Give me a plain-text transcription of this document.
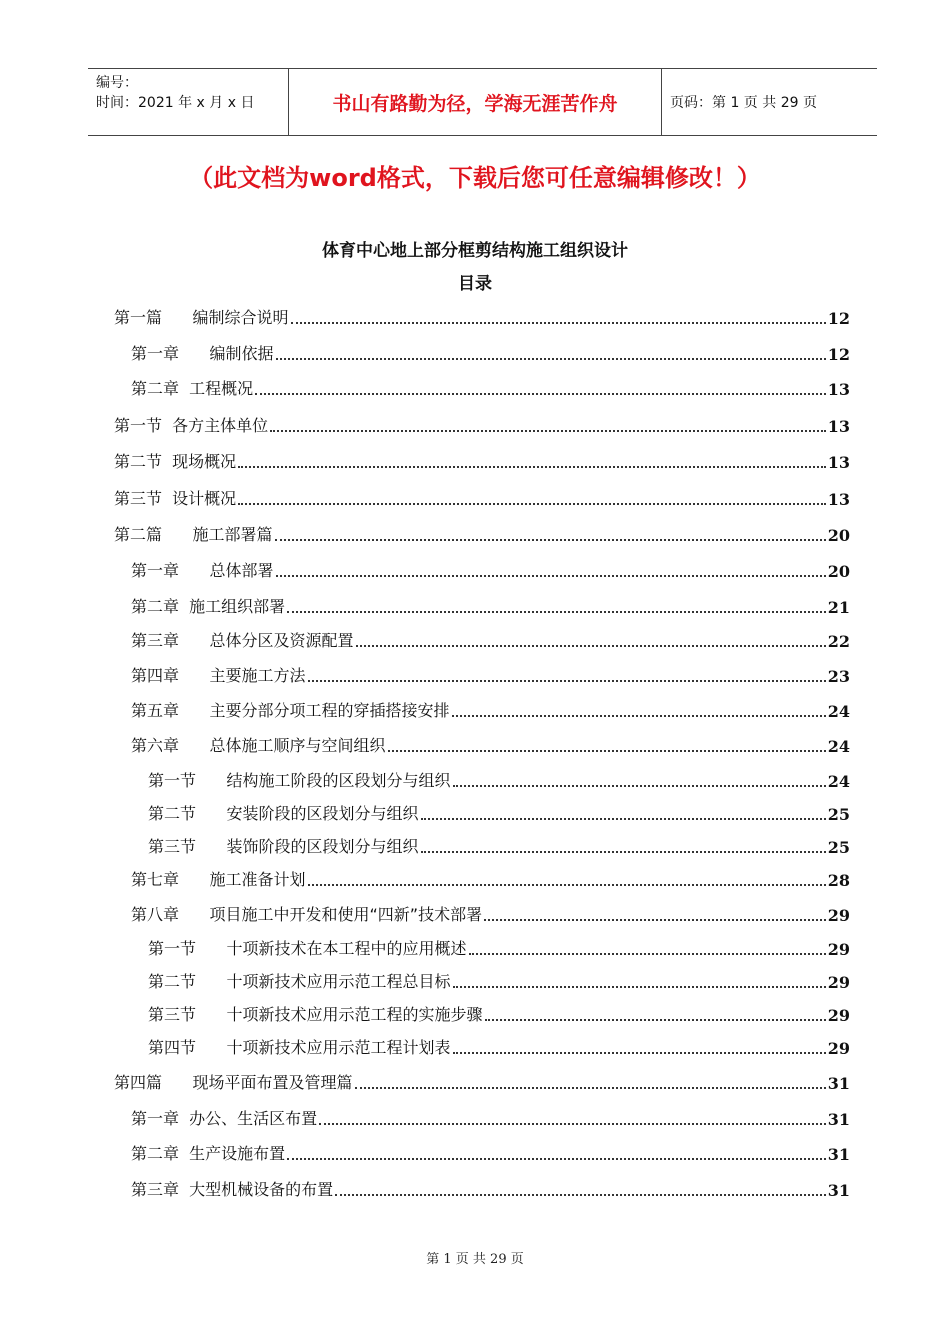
编号：
时间：2021 年 x 月 x 日	书山有路勤为径，学海无涯苦作舟	页码：第 1 页 共 29 页
（此文档为word格式，下载后您可任意编辑修改！）
体育中心地上部分框剪结构施工组织设计
目录
第一篇      编制综合说明	12
第一章      编制依据	12
第二章  工程概况	13
第一节  各方主体单位	13
第二节  现场概况	13
第三节  设计概况	13
第二篇      施工部署篇	20
第一章      总体部署	20
第二章  施工组织部署	21
第三章      总体分区及资源配置	22
第四章      主要施工方法	23
第五章      主要分部分项工程的穿插搭接安排	24
第六章      总体施工顺序与空间组织	24
第一节      结构施工阶段的区段划分与组织	24
第二节      安装阶段的区段划分与组织	25
第三节      装饰阶段的区段划分与组织	25
第七章      施工准备计划	28
第八章      项目施工中开发和使用“四新”技术部署	29
第一节      十项新技术在本工程中的应用概述	29
第二节      十项新技术应用示范工程总目标	29
第三节      十项新技术应用示范工程的实施步骤	29
第四节      十项新技术应用示范工程计划表	29
第四篇      现场平面布置及管理篇	31
第一章  办公、生活区布置	31
第二章  生产设施布置	31
第三章  大型机械设备的布置	31
第 1 页 共 29 页
